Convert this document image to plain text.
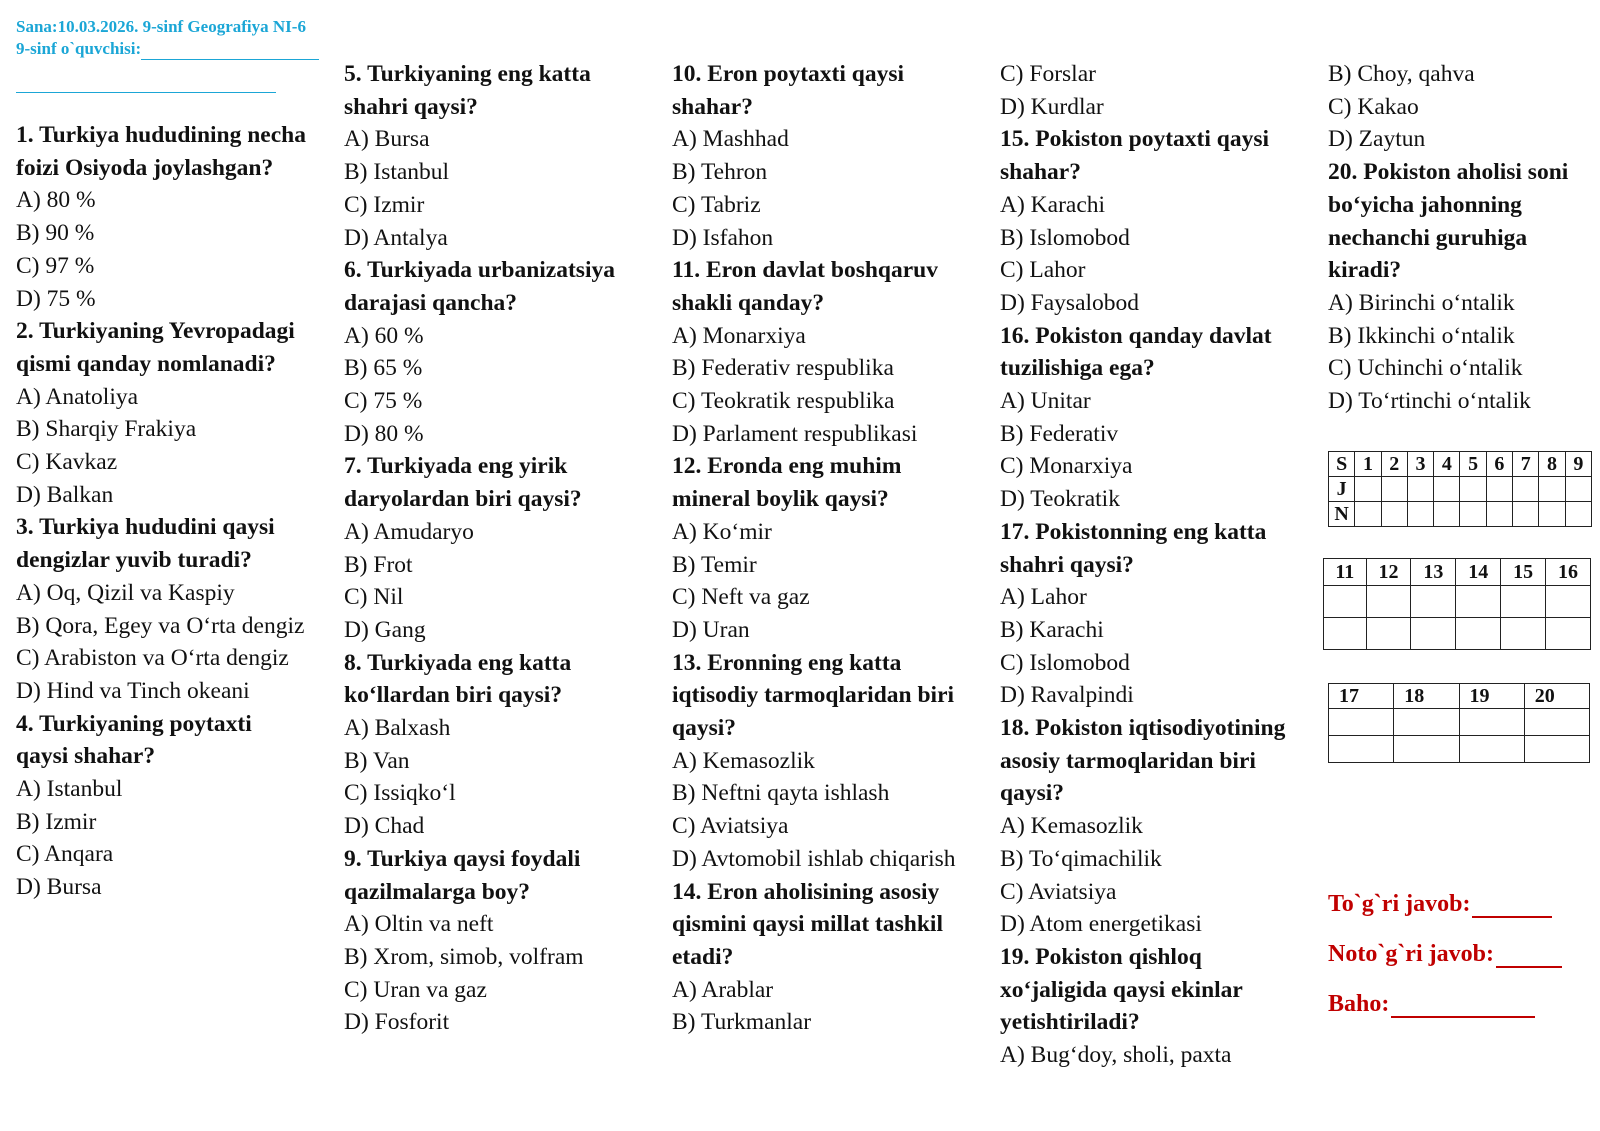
Sana:10.03.2026. 9-sinf Geografiya NI-6
9-sinf o`quvchisi:
1. Turkiya hududining necha foizi Osiyoda joylashgan?
A) 80 %
B) 90 %
C) 97 %
D) 75 %
2. Turkiyaning Yevropadagi qismi qanday nomlanadi?
A) Anatoliya
B) Sharqiy Frakiya
C) Kavkaz
D) Balkan
3. Turkiya hududini qaysi dengizlar yuvib turadi?
A) Oq, Qizil va Kaspiy
B) Qora, Egey va O‘rta dengiz
C) Arabiston va O‘rta dengiz
D) Hind va Tinch okeani
4. Turkiyaning poytaxti qaysi shahar?
A) Istanbul
B) Izmir
C) Anqara
D) Bursa
5. Turkiyaning eng katta shahri qaysi?
A) Bursa
B) Istanbul
C) Izmir
D) Antalya
6. Turkiyada urbanizatsiya darajasi qancha?
A) 60 %
B) 65 %
C) 75 %
D) 80 %
7. Turkiyada eng yirik daryolardan biri qaysi?
A) Amudaryo
B) Frot
C) Nil
D) Gang
8. Turkiyada eng katta ko‘llardan biri qaysi?
A) Balxash
B) Van
C) Issiqko‘l
D) Chad
9. Turkiya qaysi foydali qazilmalarga boy?
A) Oltin va neft
B) Xrom, simob, volfram
C) Uran va gaz
D) Fosforit
10. Eron poytaxti qaysi shahar?
A) Mashhad
B) Tehron
C) Tabriz
D) Isfahon
11. Eron davlat boshqaruv shakli qanday?
A) Monarxiya
B) Federativ respublika
C) Teokratik respublika
D) Parlament respublikasi
12. Eronda eng muhim mineral boylik qaysi?
A) Ko‘mir
B) Temir
C) Neft va gaz
D) Uran
13. Eronning eng katta iqtisodiy tarmoqlaridan biri qaysi?
A) Kemasozlik
B) Neftni qayta ishlash
C) Aviatsiya
D) Avtomobil ishlab chiqarish
14. Eron aholisining asosiy qismini qaysi millat tashkil etadi?
A) Arablar
B) Turkmanlar
C) Forslar
D) Kurdlar
15. Pokiston poytaxti qaysi shahar?
A) Karachi
B) Islomobod
C) Lahor
D) Faysalobod
16. Pokiston qanday davlat tuzilishiga ega?
A) Unitar
B) Federativ
C) Monarxiya
D) Teokratik
17. Pokistonning eng katta shahri qaysi?
A) Lahor
B) Karachi
C) Islomobod
D) Ravalpindi
18. Pokiston iqtisodiyotining asosiy tarmoqlaridan biri qaysi?
A) Kemasozlik
B) To‘qimachilik
C) Aviatsiya
D) Atom energetikasi
19. Pokiston qishloq xo‘jaligida qaysi ekinlar yetishtiriladi?
A) Bug‘doy, sholi, paxta
B) Choy, qahva
C) Kakao
D) Zaytun
20. Pokiston aholisi soni bo‘yicha jahonning nechanchi guruhiga kiradi?
A) Birinchi o‘ntalik
B) Ikkinchi o‘ntalik
C) Uchinchi o‘ntalik
D) To‘rtinchi o‘ntalik
S	1	2	3	4	5	6	7	8	9
J									
N									
11	12	13	14	15	16

17	18	19	20

To`g`ri javob:
Noto`g`ri javob:
Baho:
